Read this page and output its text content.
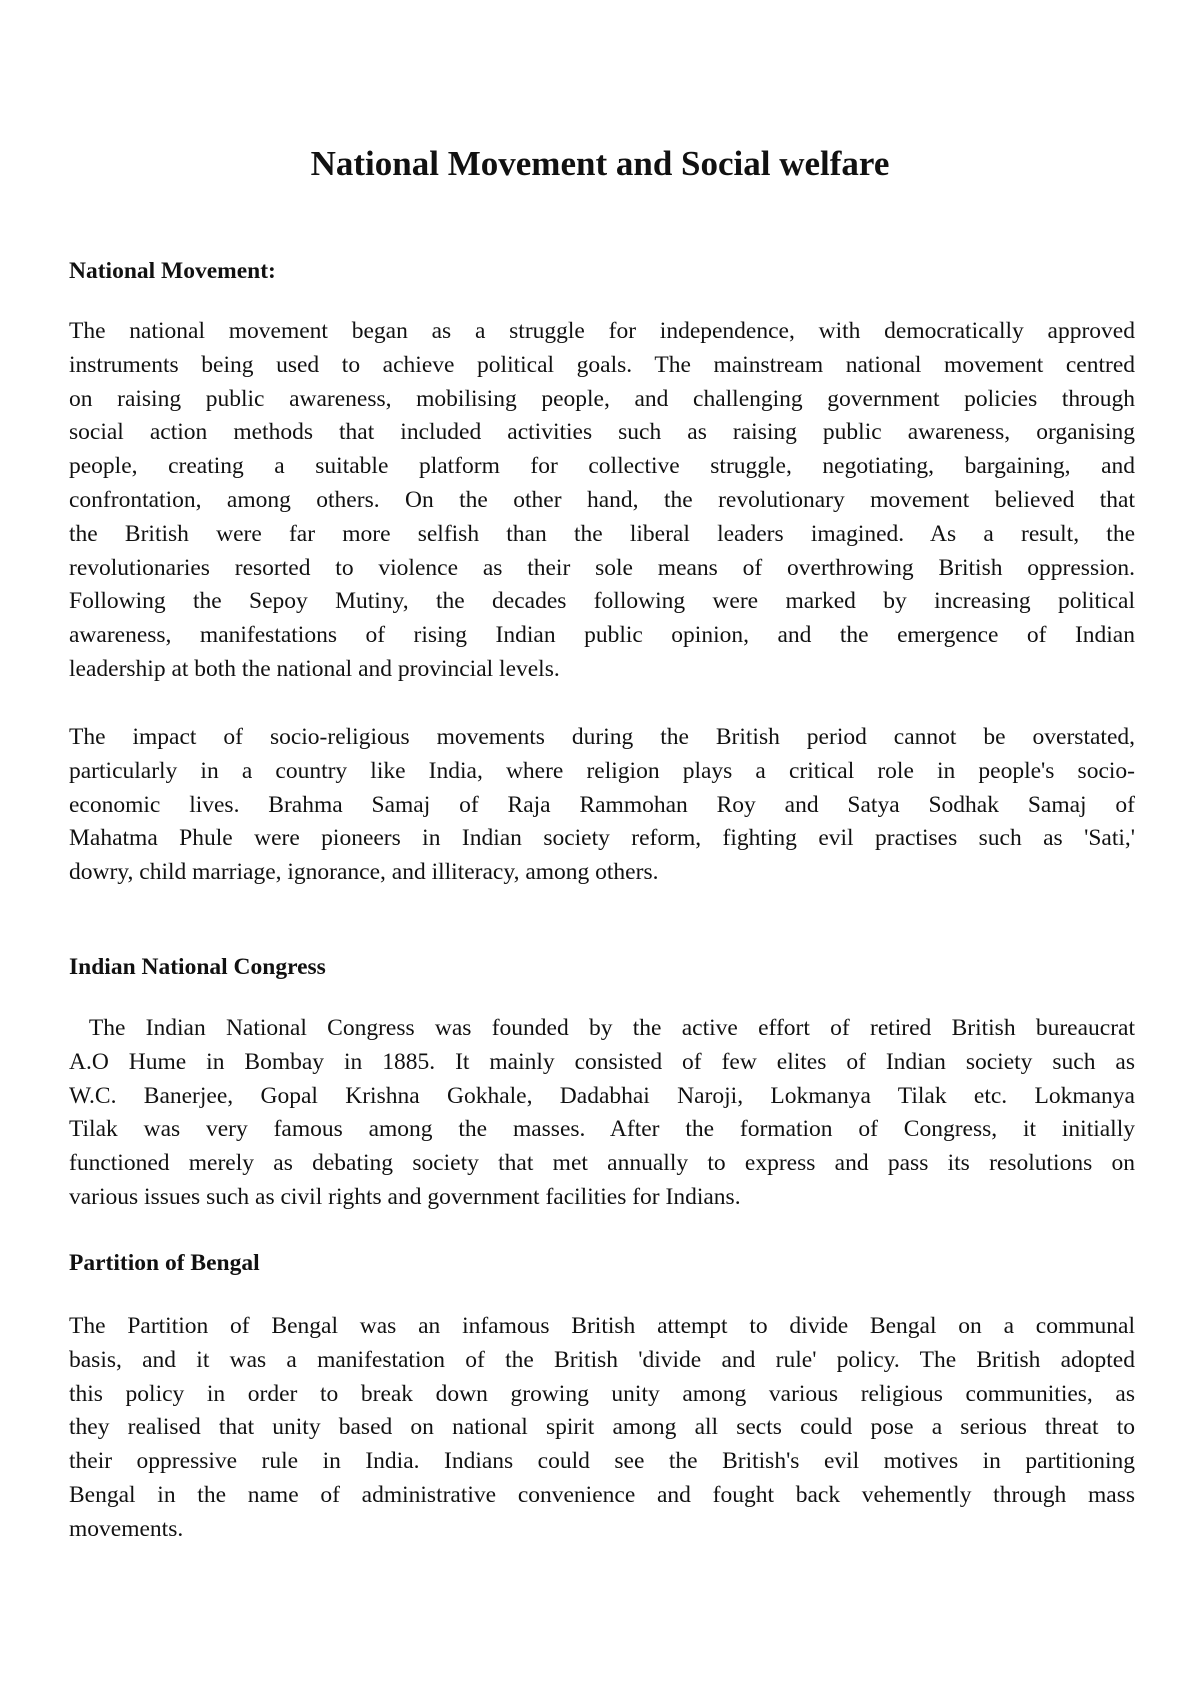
National Movement and Social welfare
National Movement:

The national movement began as a struggle for independence, with democratically approved
instruments being used to achieve political goals. The mainstream national movement centred
on raising public awareness, mobilising people, and challenging government policies through
social action methods that included activities such as raising public awareness, organising
people, creating a suitable platform for collective struggle, negotiating, bargaining, and
confrontation, among others. On the other hand, the revolutionary movement believed that
the British were far more selfish than the liberal leaders imagined. As a result, the
revolutionaries resorted to violence as their sole means of overthrowing British oppression.
Following the Sepoy Mutiny, the decades following were marked by increasing political
awareness, manifestations of rising Indian public opinion, and the emergence of Indian
leadership at both the national and provincial levels.

The impact of socio-religious movements during the British period cannot be overstated,
particularly in a country like India, where religion plays a critical role in people's socio-
economic lives. Brahma Samaj of Raja Rammohan Roy and Satya Sodhak Samaj of
Mahatma Phule were pioneers in Indian society reform, fighting evil practises such as 'Sati,'
dowry, child marriage, ignorance, and illiteracy, among others.

Indian National Congress

The Indian National Congress was founded by the active effort of retired British bureaucrat
A.O Hume in Bombay in 1885. It mainly consisted of few elites of Indian society such as
W.C. Banerjee, Gopal Krishna Gokhale, Dadabhai Naroji, Lokmanya Tilak etc. Lokmanya
Tilak was very famous among the masses. After the formation of Congress, it initially
functioned merely as debating society that met annually to express and pass its resolutions on
various issues such as civil rights and government facilities for Indians.

Partition of Bengal

The Partition of Bengal was an infamous British attempt to divide Bengal on a communal
basis, and it was a manifestation of the British 'divide and rule' policy. The British adopted
this policy in order to break down growing unity among various religious communities, as
they realised that unity based on national spirit among all sects could pose a serious threat to
their oppressive rule in India. Indians could see the British's evil motives in partitioning
Bengal in the name of administrative convenience and fought back vehemently through mass
movements.
